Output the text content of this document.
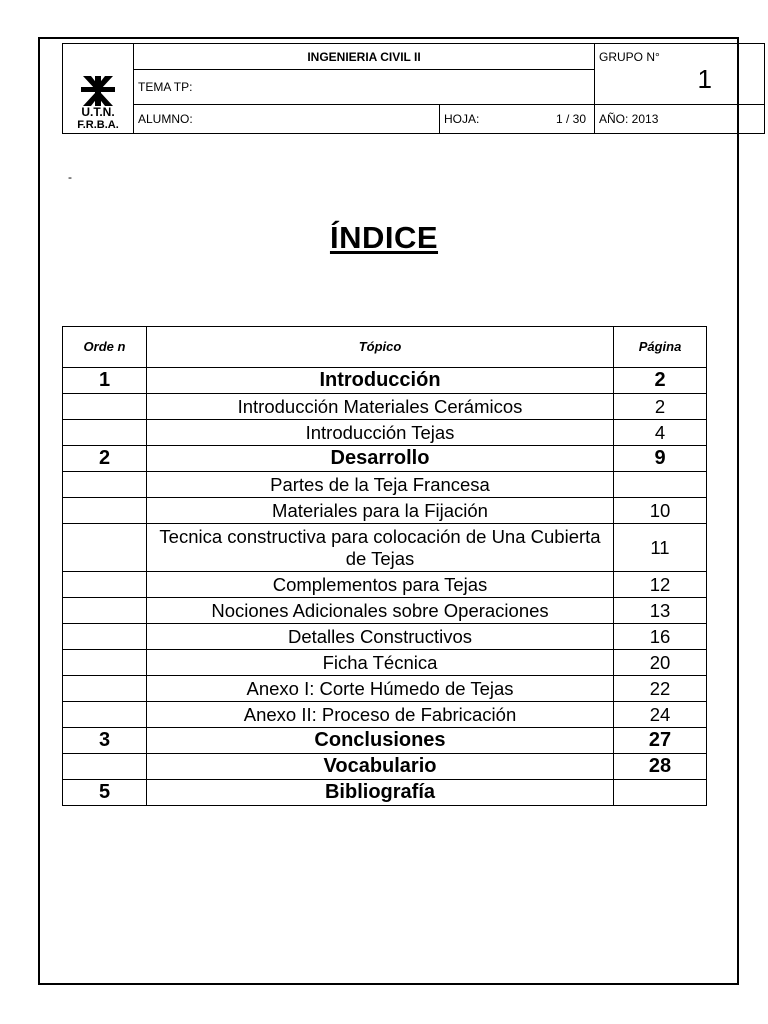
U.T.N.
F.R.B.A.	INGENIERIA CIVIL II		GRUPO N°
1

	TEMA TP:		
	ALUMNO:	HOJA: 1 / 30	AÑO: 2013
-
ÍNDICE
Orde n	Tópico	Página
1	Introducción	2
	Introducción Materiales Cerámicos	2
	Introducción Tejas	4
2	Desarrollo	9
	Partes de la Teja Francesa	
	Materiales para la Fijación	10
	Tecnica constructiva para colocación de Una Cubierta de Tejas	11
	Complementos para Tejas	12
	Nociones Adicionales sobre Operaciones	13
	Detalles Constructivos	16
	Ficha Técnica	20
	Anexo I: Corte Húmedo de Tejas	22
	Anexo II: Proceso de Fabricación	24
3	Conclusiones	27
	Vocabulario	28
5	Bibliografía	
